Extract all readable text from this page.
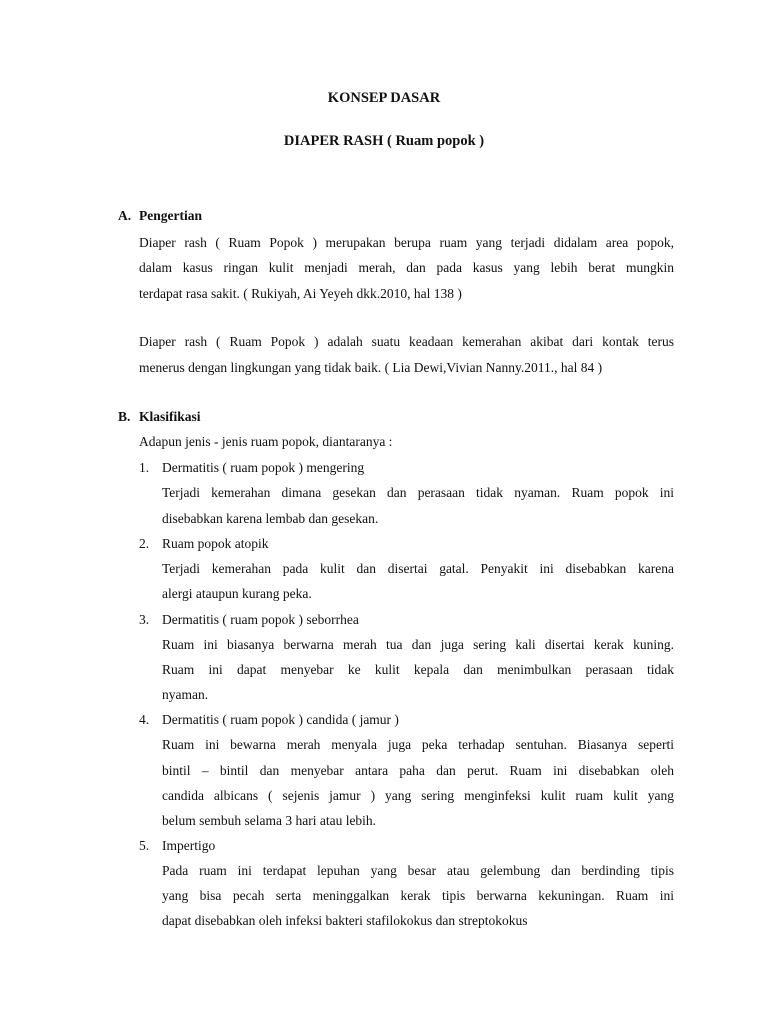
KONSEP DASAR
DIAPER RASH ( Ruam popok )
A. Pengertian
Diaper rash ( Ruam Popok ) merupakan berupa ruam yang terjadi didalam area popok,
dalam kasus ringan kulit menjadi merah, dan pada kasus yang lebih berat mungkin
terdapat rasa sakit. ( Rukiyah, Ai Yeyeh dkk.2010, hal 138 )
Diaper rash ( Ruam Popok ) adalah suatu keadaan kemerahan akibat dari kontak terus
menerus dengan lingkungan yang tidak baik. ( Lia Dewi,Vivian Nanny.2011., hal 84 )
B. Klasifikasi
Adapun jenis - jenis ruam popok, diantaranya :
1. Dermatitis ( ruam popok ) mengering
Terjadi kemerahan dimana gesekan dan perasaan tidak nyaman. Ruam popok ini
disebabkan karena lembab dan gesekan.
2. Ruam popok atopik
Terjadi kemerahan pada kulit dan disertai gatal. Penyakit ini disebabkan karena
alergi ataupun kurang peka.
3. Dermatitis ( ruam popok ) seborrhea
Ruam ini biasanya berwarna merah tua dan juga sering kali disertai kerak kuning.
Ruam ini dapat menyebar ke kulit kepala dan menimbulkan perasaan tidak
nyaman.
4. Dermatitis ( ruam popok ) candida ( jamur )
Ruam ini bewarna merah menyala juga peka terhadap sentuhan. Biasanya seperti
bintil – bintil dan menyebar antara paha dan perut. Ruam ini disebabkan oleh
candida albicans ( sejenis jamur ) yang sering menginfeksi kulit ruam kulit yang
belum sembuh selama 3 hari atau lebih.
5. Impertigo
Pada ruam ini terdapat lepuhan yang besar atau gelembung dan berdinding tipis
yang bisa pecah serta meninggalkan kerak tipis berwarna kekuningan. Ruam ini
dapat disebabkan oleh infeksi bakteri stafilokokus dan streptokokus
